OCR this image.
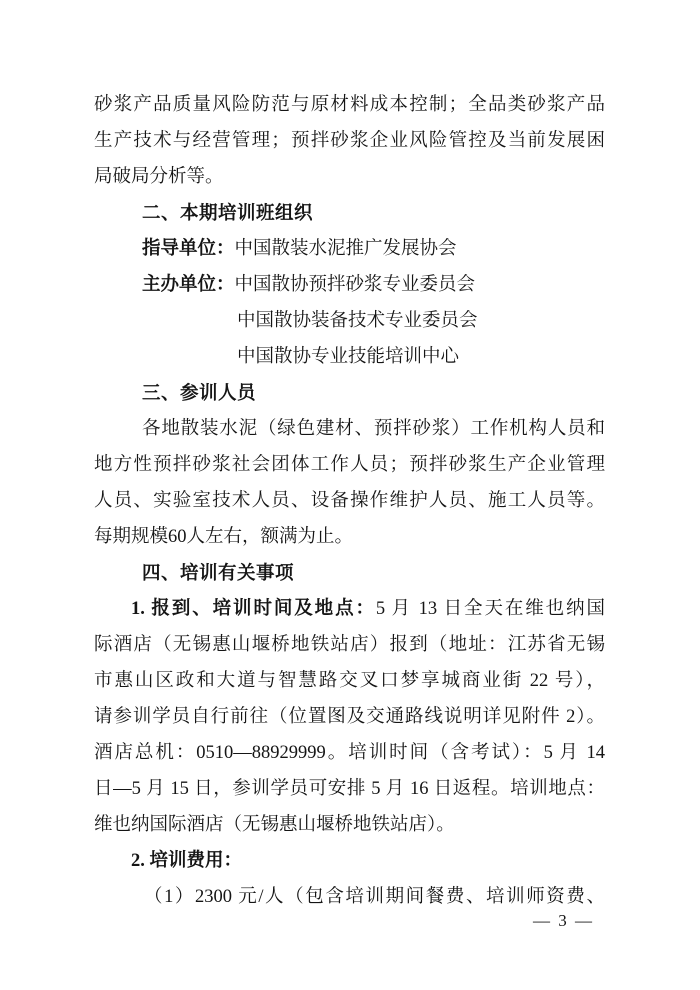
砂浆产品质量风险防范与原材料成本控制；全品类砂浆产品
生产技术与经营管理；预拌砂浆企业风险管控及当前发展困
局破局分析等。
二、本期培训班组织
指导单位：中国散装水泥推广发展协会
主办单位：中国散协预拌砂浆专业委员会
中国散协装备技术专业委员会
中国散协专业技能培训中心
三、参训人员
各地散装水泥（绿色建材、预拌砂浆）工作机构人员和
地方性预拌砂浆社会团体工作人员；预拌砂浆生产企业管理
人员、实验室技术人员、设备操作维护人员、施工人员等。
每期规模60人左右，额满为止。
四、培训有关事项
1. 报到、培训时间及地点：5 月 13 日全天在维也纳国
际酒店（无锡惠山堰桥地铁站店）报到（地址：江苏省无锡
市惠山区政和大道与智慧路交叉口梦享城商业街 22 号），
请参训学员自行前往（位置图及交通路线说明详见附件 2）。
酒店总机：0510—88929999。培训时间（含考试）：5 月 14
日—5 月 15 日，参训学员可安排 5 月 16 日返程。培训地点：
维也纳国际酒店（无锡惠山堰桥地铁站店）。
2. 培训费用：
（1）2300 元/人（包含培训期间餐费、培训师资费、
— 3 —
